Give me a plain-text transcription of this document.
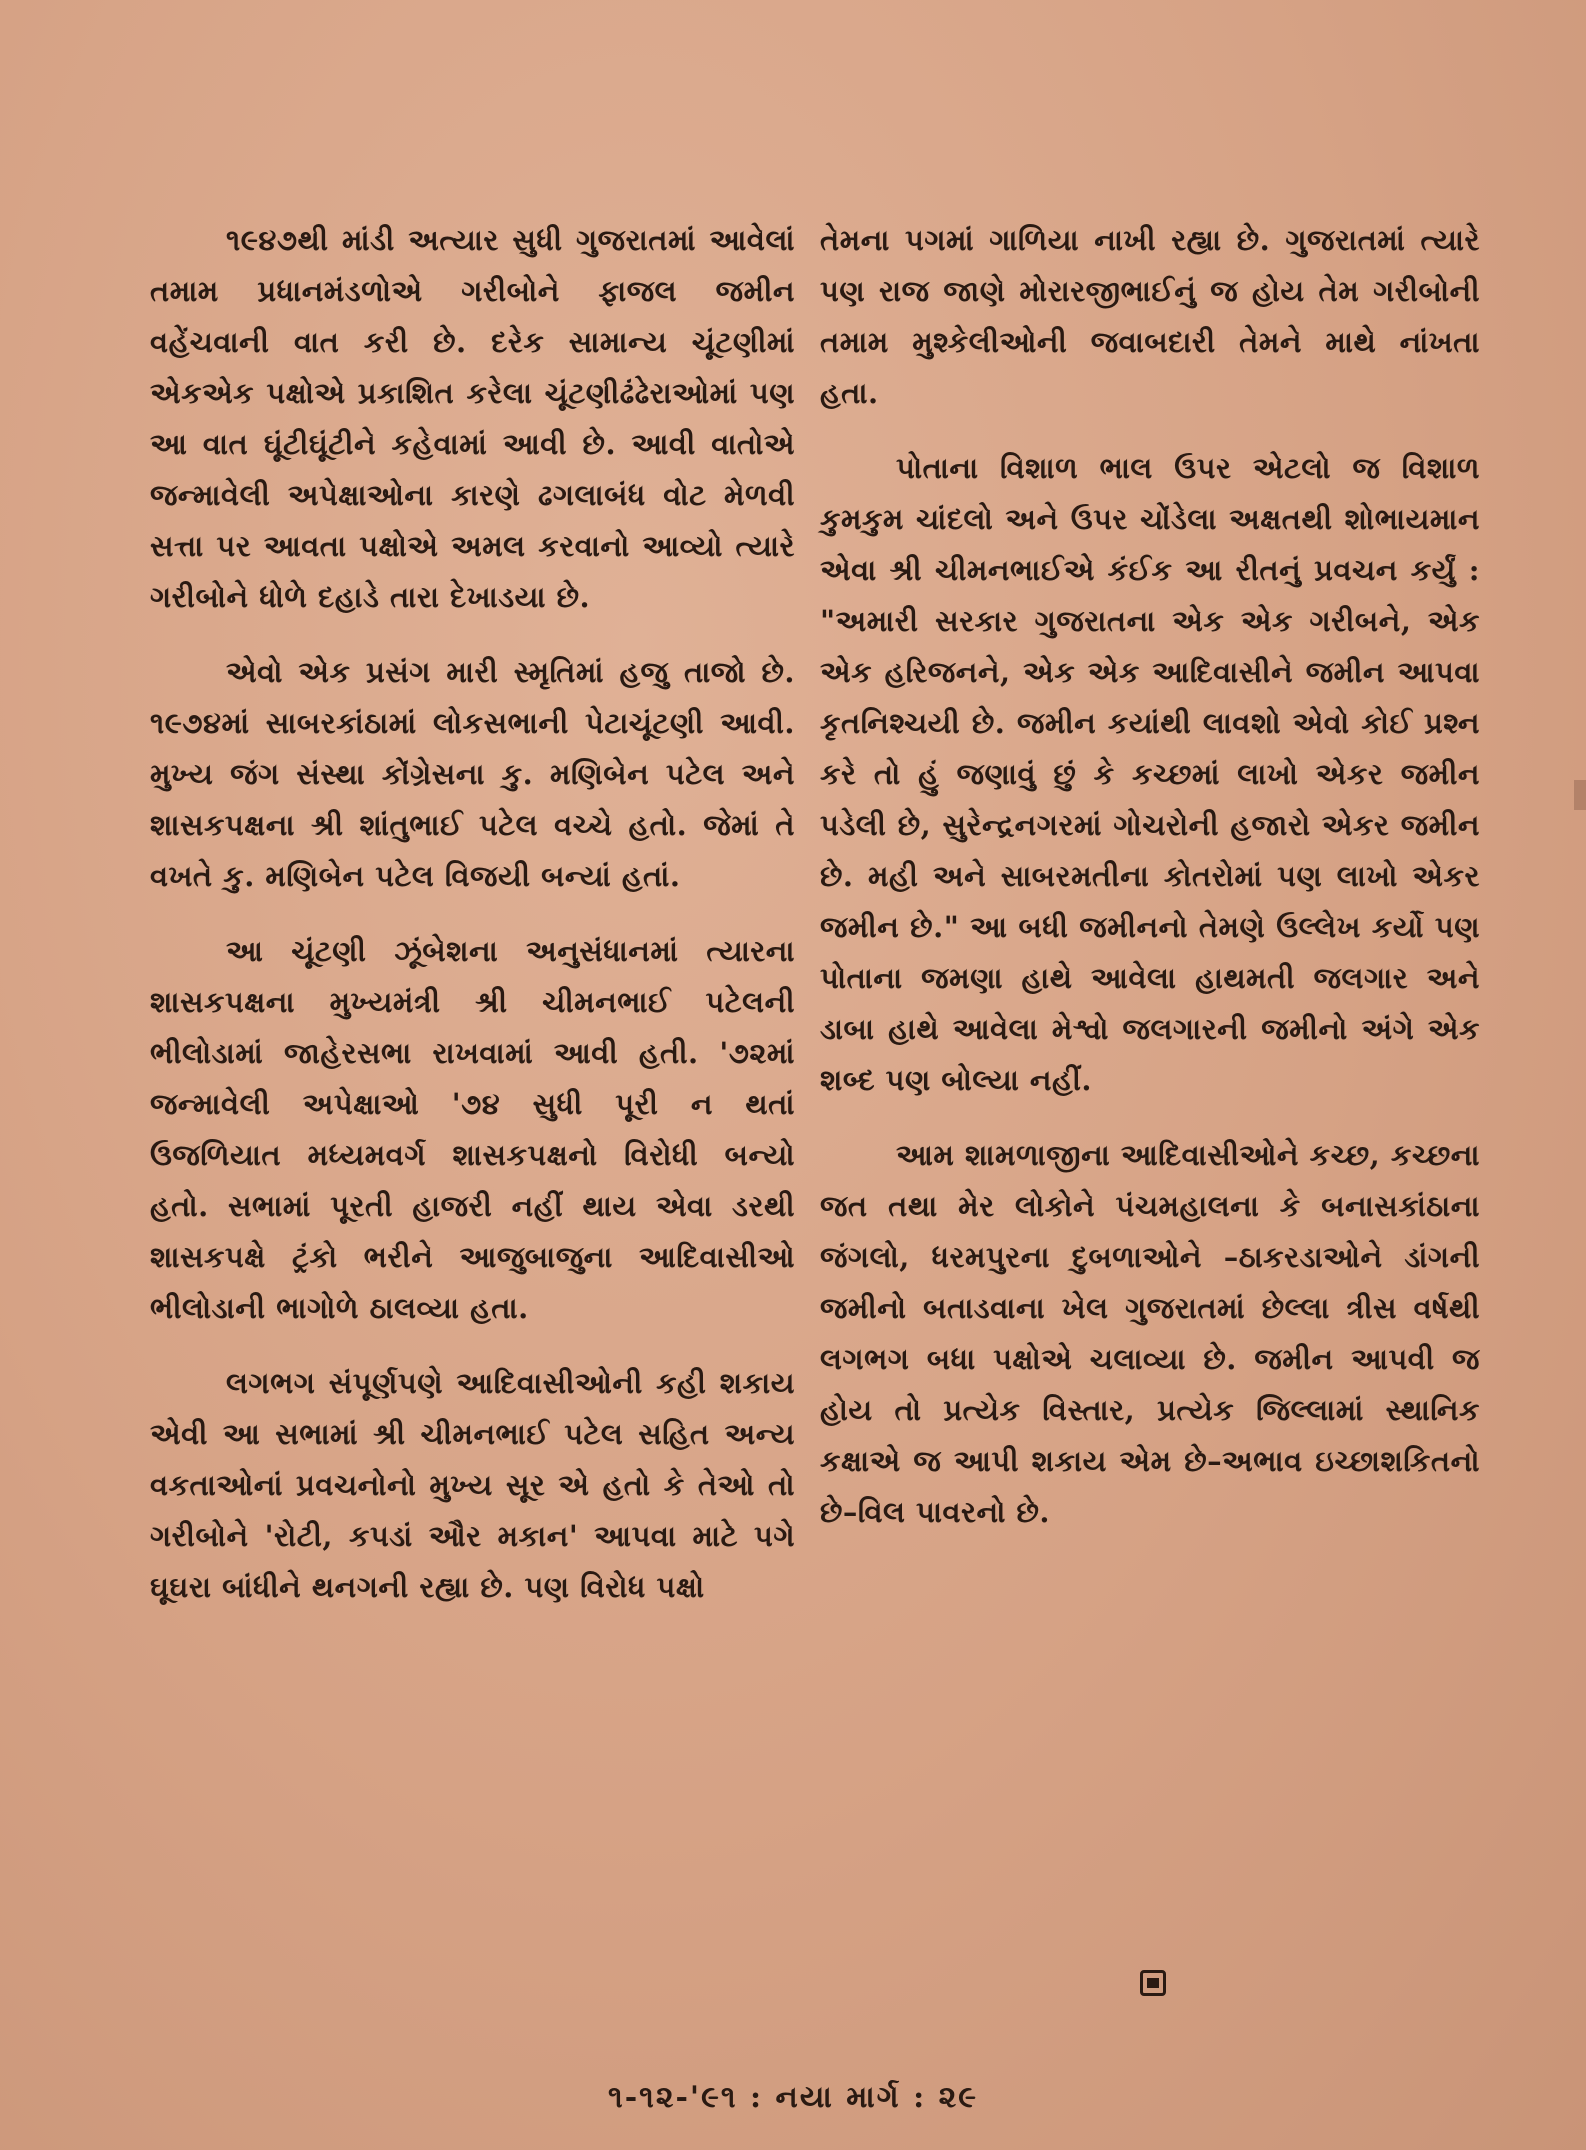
૧૯૪૭થી માંડી અત્યાર સુધી ગુજરાતમાં આવેલાં તમામ પ્રધાનમંડળોએ ગરીબોને ફાજલ જમીન વહેંચવાની વાત કરી છે. દરેક સામાન્ય ચૂંટણીમાં એકએક પક્ષોએ પ્રકાશિત કરેલા ચૂંટણીઢંઢેરાઓમાં પણ આ વાત ઘૂંટીઘૂંટીને કહેવામાં આવી છે. આવી વાતોએ જન્માવેલી અપેક્ષાઓના કારણે ઢગલાબંધ વોટ મેળવી સત્તા પર આવતા પક્ષોએ અમલ કરવાનો આવ્યો ત્યારે ગરીબોને ધોળે દહાડે તારા દેખાડયા છે.

એવો એક પ્રસંગ મારી સ્મૃતિમાં હજુ તાજો છે. ૧૯૭૪માં સાબરકાંઠામાં લોકસભાની પેટાચૂંટણી આવી. મુખ્ય જંગ સંસ્થા કોંગ્રેસના કુ. મણિબેન પટેલ અને શાસકપક્ષના શ્રી શાંતુભાઈ પટેલ વચ્ચે હતો. જેમાં તે વખતે કુ. મણિબેન પટેલ વિજયી બન્યાં હતાં.

આ ચૂંટણી ઝૂંબેશના અનુસંધાનમાં ત્યારના શાસકપક્ષના મુખ્યમંત્રી શ્રી ચીમનભાઈ પટેલની ભીલોડામાં જાહેરસભા રાખવામાં આવી હતી. '૭૨માં જન્માવેલી અપેક્ષાઓ '૭૪ સુધી પૂરી ન થતાં ઉજળિયાત મધ્યમવર્ગ શાસકપક્ષનો વિરોધી બન્યો હતો. સભામાં પૂરતી હાજરી નહીં થાય એવા ડરથી શાસકપક્ષે ટ્રંકો ભરીને આજુબાજુના આદિવાસીઓ ભીલોડાની ભાગોળે ઠાલવ્યા હતા.

લગભગ સંપૂર્ણપણે આદિવાસીઓની કહી શકાય એવી આ સભામાં શ્રી ચીમનભાઈ પટેલ સહિત અન્ય વકતાઓનાં પ્રવચનોનો મુખ્ય સૂર એ હતો કે તેઓ તો ગરીબોને 'રોટી, કપડાં ઔર મકાન' આપવા માટે પગે ઘૂઘરા બાંધીને થનગની રહ્યા છે. પણ વિરોધ પક્ષો

તેમના પગમાં ગાળિયા નાખી રહ્યા છે. ગુજરાતમાં ત્યારે પણ રાજ જાણે મોરારજીભાઈનું જ હોય તેમ ગરીબોની તમામ મુશ્કેલીઓની જવાબદારી તેમને માથે નાંખતા હતા.

પોતાના વિશાળ ભાલ ઉપર એટલો જ વિશાળ કુમકુમ ચાંદલો અને ઉપર ચોંડેલા અક્ષતથી શોભાયમાન એવા શ્રી ચીમનભાઈએ કંઈક આ રીતનું પ્રવચન કર્યું : "અમારી સરકાર ગુજરાતના એક એક ગરીબને, એક એક હરિજનને, એક એક આદિવાસીને જમીન આપવા કૃતનિશ્ચયી છે. જમીન કયાંથી લાવશો એવો કોઈ પ્રશ્ન કરે તો હું જણાવું છું કે કચ્છમાં લાખો એકર જમીન પડેલી છે, સુરેન્દ્રનગરમાં ગોચરોની હજારો એકર જમીન છે. મહી અને સાબરમતીના કોતરોમાં પણ લાખો એકર જમીન છે." આ બધી જમીનનો તેમણે ઉલ્લેખ કર્યો પણ પોતાના જમણા હાથે આવેલા હાથમતી જલગાર અને ડાબા હાથે આવેલા મેશ્વો જલગારની જમીનો અંગે એક શબ્દ પણ બોલ્યા નહીં.

આમ શામળાજીના આદિવાસીઓને કચ્છ, કચ્છના જત તથા મેર લોકોને પંચમહાલના કે બનાસકાંઠાના જંગલો, ધરમપુરના દુબળાઓને –ઠાકરડાઓને ડાંગની જમીનો બતાડવાના ખેલ ગુજરાતમાં છેલ્લા ત્રીસ વર્ષથી લગભગ બધા પક્ષોએ ચલાવ્યા છે. જમીન આપવી જ હોય તો પ્રત્યેક વિસ્તાર, પ્રત્યેક જિલ્લામાં સ્થાનિક કક્ષાએ જ આપી શકાય એમ છે–અભાવ ઇચ્છાશકિતનો છે–વિલ પાવરનો છે.

૧-૧૨-'૯૧ : નયા માર્ગ : ૨૯
